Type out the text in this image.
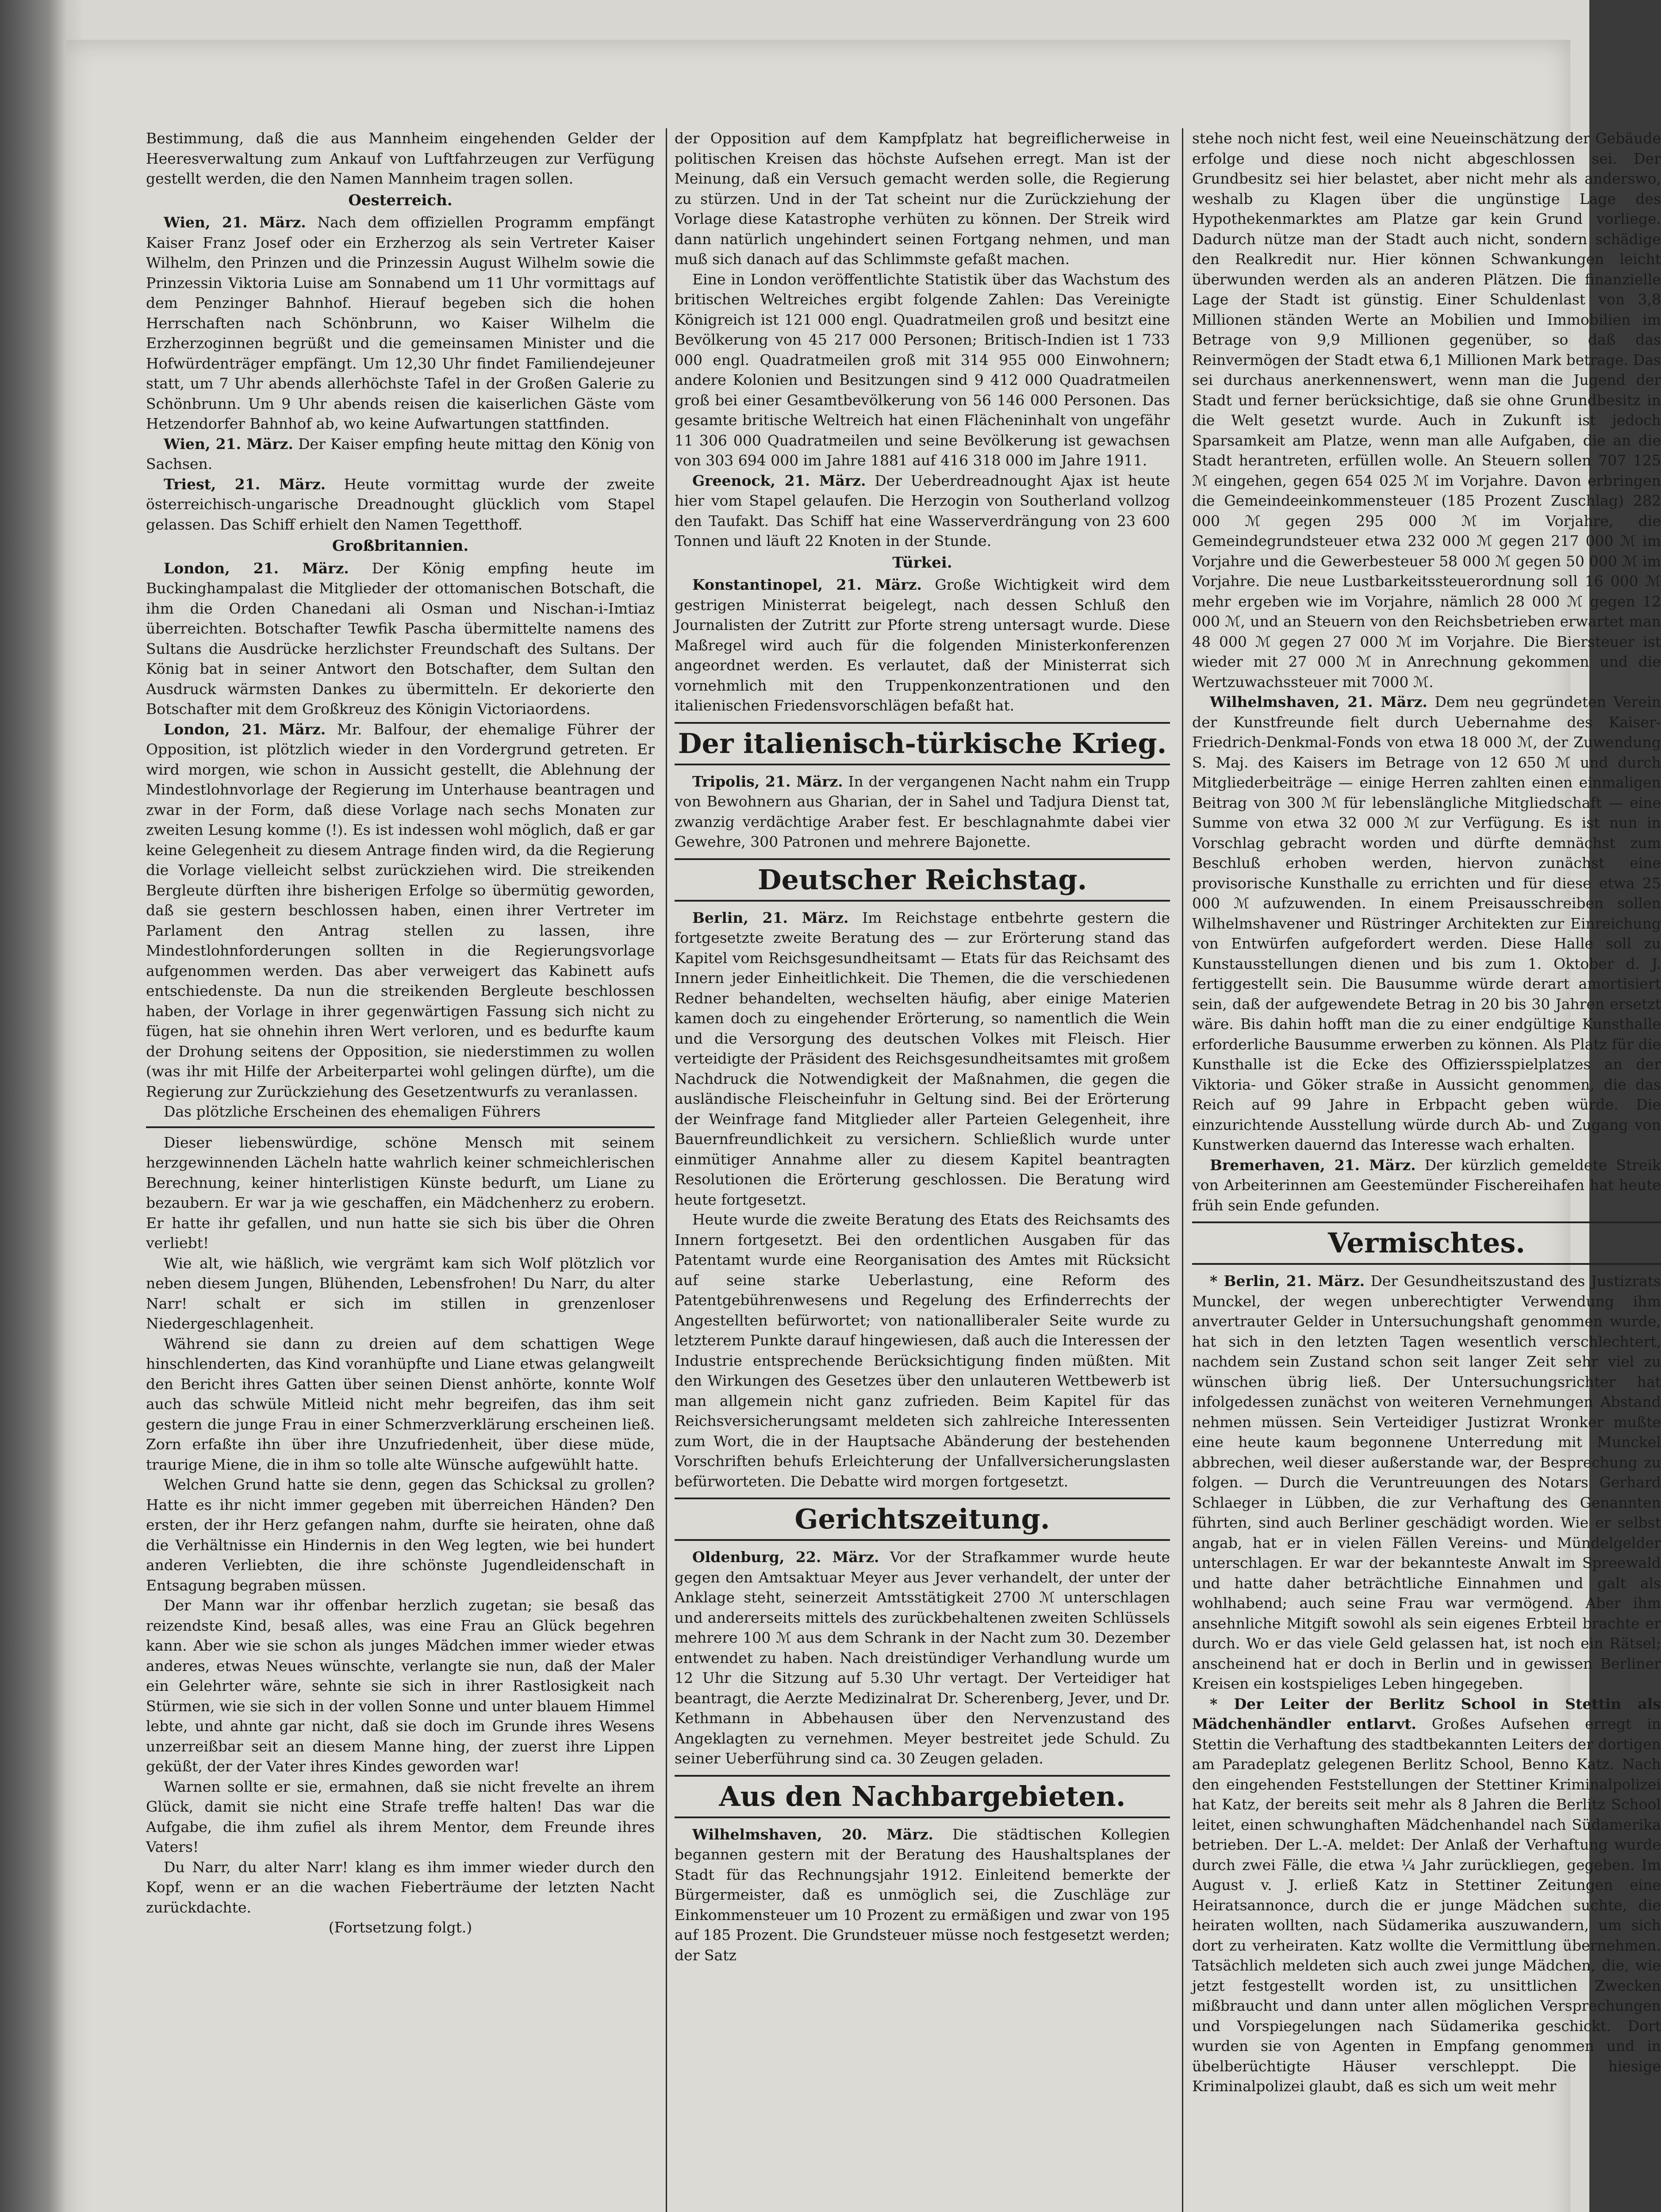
Bestimmung, daß die aus Mannheim eingehenden Gelder der Heeresverwaltung zum Ankauf von Luftfahrzeugen zur Verfügung gestellt werden, die den Namen Mannheim tragen sollen.

Oesterreich.

Wien, 21. März. Nach dem offiziellen Programm empfängt Kaiser Franz Josef oder ein Erzherzog als sein Vertreter Kaiser Wilhelm, den Prinzen und die Prinzessin August Wilhelm sowie die Prinzessin Viktoria Luise am Sonnabend um 11 Uhr vormittags auf dem Penzinger Bahnhof. Hierauf begeben sich die hohen Herrschaften nach Schönbrunn, wo Kaiser Wilhelm die Erzherzoginnen begrüßt und die gemeinsamen Minister und die Hofwürdenträger empfängt. Um 12,30 Uhr findet Familiendejeuner statt, um 7 Uhr abends allerhöchste Tafel in der Großen Galerie zu Schönbrunn. Um 9 Uhr abends reisen die kaiserlichen Gäste vom Hetzendorfer Bahnhof ab, wo keine Aufwartungen stattfinden.

Wien, 21. März. Der Kaiser empfing heute mittag den König von Sachsen.

Triest, 21. März. Heute vormittag wurde der zweite österreichisch-ungarische Dreadnought glücklich vom Stapel gelassen. Das Schiff erhielt den Namen Tegetthoff.

Großbritannien.

London, 21. März. Der König empfing heute im Buckinghampalast die Mitglieder der ottomanischen Botschaft, die ihm die Orden Chanedani ali Osman und Nischan-i-Imtiaz überreichten. Botschafter Tewfik Pascha übermittelte namens des Sultans die Ausdrücke herzlichster Freundschaft des Sultans. Der König bat in seiner Antwort den Botschafter, dem Sultan den Ausdruck wärmsten Dankes zu übermitteln. Er dekorierte den Botschafter mit dem Großkreuz des Königin Victoriaordens.

London, 21. März. Mr. Balfour, der ehemalige Führer der Opposition, ist plötzlich wieder in den Vordergrund getreten. Er wird morgen, wie schon in Aussicht gestellt, die Ablehnung der Mindestlohnvorlage der Regierung im Unterhause beantragen und zwar in der Form, daß diese Vorlage nach sechs Monaten zur zweiten Lesung komme (!). Es ist indessen wohl möglich, daß er gar keine Gelegenheit zu diesem Antrage finden wird, da die Regierung die Vorlage vielleicht selbst zurückziehen wird. Die streikenden Bergleute dürften ihre bisherigen Erfolge so übermütig geworden, daß sie gestern beschlossen haben, einen ihrer Vertreter im Parlament den Antrag stellen zu lassen, ihre Mindestlohnforderungen sollten in die Regierungsvorlage aufgenommen werden. Das aber verweigert das Kabinett aufs entschiedenste. Da nun die streikenden Bergleute beschlossen haben, der Vorlage in ihrer gegenwärtigen Fassung sich nicht zu fügen, hat sie ohnehin ihren Wert verloren, und es bedurfte kaum der Drohung seitens der Opposition, sie niederstimmen zu wollen (was ihr mit Hilfe der Arbeiterpartei wohl gelingen dürfte), um die Regierung zur Zurückziehung des Gesetzentwurfs zu veranlassen.

Das plötzliche Erscheinen des ehemaligen Führers

Dieser liebenswürdige, schöne Mensch mit seinem herzgewinnenden Lächeln hatte wahrlich keiner schmeichlerischen Berechnung, keiner hinterlistigen Künste bedurft, um Liane zu bezaubern. Er war ja wie geschaffen, ein Mädchenherz zu erobern. Er hatte ihr gefallen, und nun hatte sie sich bis über die Ohren verliebt!

Wie alt, wie häßlich, wie vergrämt kam sich Wolf plötzlich vor neben diesem Jungen, Blühenden, Lebensfrohen! Du Narr, du alter Narr! schalt er sich im stillen in grenzenloser Niedergeschlagenheit.

Während sie dann zu dreien auf dem schattigen Wege hinschlenderten, das Kind voranhüpfte und Liane etwas gelangweilt den Bericht ihres Gatten über seinen Dienst anhörte, konnte Wolf auch das schwüle Mitleid nicht mehr begreifen, das ihm seit gestern die junge Frau in einer Schmerzverklärung erscheinen ließ. Zorn erfaßte ihn über ihre Unzufriedenheit, über diese müde, traurige Miene, die in ihm so tolle alte Wünsche aufgewühlt hatte.

Welchen Grund hatte sie denn, gegen das Schicksal zu grollen? Hatte es ihr nicht immer gegeben mit überreichen Händen? Den ersten, der ihr Herz gefangen nahm, durfte sie heiraten, ohne daß die Verhältnisse ein Hindernis in den Weg legten, wie bei hundert anderen Verliebten, die ihre schönste Jugendleidenschaft in Entsagung begraben müssen.

Der Mann war ihr offenbar herzlich zugetan; sie besaß das reizendste Kind, besaß alles, was eine Frau an Glück begehren kann. Aber wie sie schon als junges Mädchen immer wieder etwas anderes, etwas Neues wünschte, verlangte sie nun, daß der Maler ein Gelehrter wäre, sehnte sie sich in ihrer Rastlosigkeit nach Stürmen, wie sie sich in der vollen Sonne und unter blauem Himmel lebte, und ahnte gar nicht, daß sie doch im Grunde ihres Wesens unzerreißbar seit an diesem Manne hing, der zuerst ihre Lippen geküßt, der der Vater ihres Kindes geworden war!

Warnen sollte er sie, ermahnen, daß sie nicht frevelte an ihrem Glück, damit sie nicht eine Strafe treffe halten! Das war die Aufgabe, die ihm zufiel als ihrem Mentor, dem Freunde ihres Vaters!

Du Narr, du alter Narr! klang es ihm immer wieder durch den Kopf, wenn er an die wachen Fieberträume der letzten Nacht zurückdachte.

(Fortsetzung folgt.)

der Opposition auf dem Kampfplatz hat begreiflicherweise in politischen Kreisen das höchste Aufsehen erregt. Man ist der Meinung, daß ein Versuch gemacht werden solle, die Regierung zu stürzen. Und in der Tat scheint nur die Zurückziehung der Vorlage diese Katastrophe verhüten zu können. Der Streik wird dann natürlich ungehindert seinen Fortgang nehmen, und man muß sich danach auf das Schlimmste gefaßt machen.

Eine in London veröffentlichte Statistik über das Wachstum des britischen Weltreiches ergibt folgende Zahlen: Das Vereinigte Königreich ist 121 000 engl. Quadratmeilen groß und besitzt eine Bevölkerung von 45 217 000 Personen; Britisch-Indien ist 1 733 000 engl. Quadratmeilen groß mit 314 955 000 Einwohnern; andere Kolonien und Besitzungen sind 9 412 000 Quadratmeilen groß bei einer Gesamtbevölkerung von 56 146 000 Personen. Das gesamte britische Weltreich hat einen Flächeninhalt von ungefähr 11 306 000 Quadratmeilen und seine Bevölkerung ist gewachsen von 303 694 000 im Jahre 1881 auf 416 318 000 im Jahre 1911.

Greenock, 21. März. Der Ueberdreadnought Ajax ist heute hier vom Stapel gelaufen. Die Herzogin von Southerland vollzog den Taufakt. Das Schiff hat eine Wasserverdrängung von 23 600 Tonnen und läuft 22 Knoten in der Stunde.

Türkei.

Konstantinopel, 21. März. Große Wichtigkeit wird dem gestrigen Ministerrat beigelegt, nach dessen Schluß den Journalisten der Zutritt zur Pforte streng untersagt wurde. Diese Maßregel wird auch für die folgenden Ministerkonferenzen angeordnet werden. Es verlautet, daß der Ministerrat sich vornehmlich mit den Truppenkonzentrationen und den italienischen Friedensvorschlägen befaßt hat.

Der italienisch-türkische Krieg.

Tripolis, 21. März. In der vergangenen Nacht nahm ein Trupp von Bewohnern aus Gharian, der in Sahel und Tadjura Dienst tat, zwanzig verdächtige Araber fest. Er beschlagnahmte dabei vier Gewehre, 300 Patronen und mehrere Bajonette.

Deutscher Reichstag.

Berlin, 21. März. Im Reichstage entbehrte gestern die fortgesetzte zweite Beratung des — zur Erörterung stand das Kapitel vom Reichsgesundheitsamt — Etats für das Reichsamt des Innern jeder Einheitlichkeit. Die Themen, die die verschiedenen Redner behandelten, wechselten häufig, aber einige Materien kamen doch zu eingehender Erörterung, so namentlich die Wein und die Versorgung des deutschen Volkes mit Fleisch. Hier verteidigte der Präsident des Reichsgesundheitsamtes mit großem Nachdruck die Notwendigkeit der Maßnahmen, die gegen die ausländische Fleischeinfuhr in Geltung sind. Bei der Erörterung der Weinfrage fand Mitglieder aller Parteien Gelegenheit, ihre Bauernfreundlichkeit zu versichern. Schließlich wurde unter einmütiger Annahme aller zu diesem Kapitel beantragten Resolutionen die Erörterung geschlossen. Die Beratung wird heute fortgesetzt.

Heute wurde die zweite Beratung des Etats des Reichsamts des Innern fortgesetzt. Bei den ordentlichen Ausgaben für das Patentamt wurde eine Reorganisation des Amtes mit Rücksicht auf seine starke Ueberlastung, eine Reform des Patentgebührenwesens und Regelung des Erfinderrechts der Angestellten befürwortet; von nationalliberaler Seite wurde zu letzterem Punkte darauf hingewiesen, daß auch die Interessen der Industrie entsprechende Berücksichtigung finden müßten. Mit den Wirkungen des Gesetzes über den unlauteren Wettbewerb ist man allgemein nicht ganz zufrieden. Beim Kapitel für das Reichsversicherungsamt meldeten sich zahlreiche Interessenten zum Wort, die in der Hauptsache Abänderung der bestehenden Vorschriften behufs Erleichterung der Unfallversicherungslasten befürworteten. Die Debatte wird morgen fortgesetzt.

Gerichtszeitung.

Oldenburg, 22. März. Vor der Strafkammer wurde heute gegen den Amtsaktuar Meyer aus Jever verhandelt, der unter der Anklage steht, seinerzeit Amtsstätigkeit 2700 ℳ unterschlagen und andererseits mittels des zurückbehaltenen zweiten Schlüssels mehrere 100 ℳ aus dem Schrank in der Nacht zum 30. Dezember entwendet zu haben. Nach dreistündiger Verhandlung wurde um 12 Uhr die Sitzung auf 5.30 Uhr vertagt. Der Verteidiger hat beantragt, die Aerzte Medizinalrat Dr. Scherenberg, Jever, und Dr. Kethmann in Abbehausen über den Nervenzustand des Angeklagten zu vernehmen. Meyer bestreitet jede Schuld. Zu seiner Ueberführung sind ca. 30 Zeugen geladen.

Aus den Nachbargebieten.

Wilhelmshaven, 20. März. Die städtischen Kollegien begannen gestern mit der Beratung des Haushaltsplanes der Stadt für das Rechnungsjahr 1912. Einleitend bemerkte der Bürgermeister, daß es unmöglich sei, die Zuschläge zur Einkommensteuer um 10 Prozent zu ermäßigen und zwar von 195 auf 185 Prozent. Die Grundsteuer müsse noch festgesetzt werden; der Satz

stehe noch nicht fest, weil eine Neueinschätzung der Gebäude erfolge und diese noch nicht abgeschlossen sei. Der Grundbesitz sei hier belastet, aber nicht mehr als anderswo, weshalb zu Klagen über die ungünstige Lage des Hypothekenmarktes am Platze gar kein Grund vorliege. Dadurch nütze man der Stadt auch nicht, sondern schädige den Realkredit nur. Hier können Schwankungen leicht überwunden werden als an anderen Plätzen. Die finanzielle Lage der Stadt ist günstig. Einer Schuldenlast von 3,8 Millionen ständen Werte an Mobilien und Immobilien im Betrage von 9,9 Millionen gegenüber, so daß das Reinvermögen der Stadt etwa 6,1 Millionen Mark betrage. Das sei durchaus anerkennenswert, wenn man die Jugend der Stadt und ferner berücksichtige, daß sie ohne Grundbesitz in die Welt gesetzt wurde. Auch in Zukunft ist jedoch Sparsamkeit am Platze, wenn man alle Aufgaben, die an die Stadt herantreten, erfüllen wolle. An Steuern sollen 707 125 ℳ eingehen, gegen 654 025 ℳ im Vorjahre. Davon erbringen die Gemeindeeinkommensteuer (185 Prozent Zuschlag) 282 000 ℳ gegen 295 000 ℳ im Vorjahre, die Gemeindegrundsteuer etwa 232 000 ℳ gegen 217 000 ℳ im Vorjahre und die Gewerbesteuer 58 000 ℳ gegen 50 000 ℳ im Vorjahre. Die neue Lustbarkeitssteuerordnung soll 16 000 ℳ mehr ergeben wie im Vorjahre, nämlich 28 000 ℳ gegen 12 000 ℳ, und an Steuern von den Reichsbetrieben erwartet man 48 000 ℳ gegen 27 000 ℳ im Vorjahre. Die Biersteuer ist wieder mit 27 000 ℳ in Anrechnung gekommen und die Wertzuwachssteuer mit 7000 ℳ.

Wilhelmshaven, 21. März. Dem neu gegründeten Verein der Kunstfreunde fielt durch Uebernahme des Kaiser-Friedrich-Denkmal-Fonds von etwa 18 000 ℳ, der Zuwendung S. Maj. des Kaisers im Betrage von 12 650 ℳ und durch Mitgliederbeiträge — einige Herren zahlten einen einmaligen Beitrag von 300 ℳ für lebenslängliche Mitgliedschaft — eine Summe von etwa 32 000 ℳ zur Verfügung. Es ist nun in Vorschlag gebracht worden und dürfte demnächst zum Beschluß erhoben werden, hiervon zunächst eine provisorische Kunsthalle zu errichten und für diese etwa 25 000 ℳ aufzuwenden. In einem Preisausschreiben sollen Wilhelmshavener und Rüstringer Architekten zur Einreichung von Entwürfen aufgefordert werden. Diese Halle soll zu Kunstausstellungen dienen und bis zum 1. Oktober d. J. fertiggestellt sein. Die Bausumme würde derart amortisiert sein, daß der aufgewendete Betrag in 20 bis 30 Jahren ersetzt wäre. Bis dahin hofft man die zu einer endgültige Kunsthalle erforderliche Bausumme erwerben zu können. Als Platz für die Kunsthalle ist die Ecke des Offiziersspielplatzes an der Viktoria- und Göker straße in Aussicht genommen, die das Reich auf 99 Jahre in Erbpacht geben würde. Die einzurichtende Ausstellung würde durch Ab- und Zugang von Kunstwerken dauernd das Interesse wach erhalten.

Bremerhaven, 21. März. Der kürzlich gemeldete Streik von Arbeiterinnen am Geestemünder Fischereihafen hat heute früh sein Ende gefunden.

Vermischtes.

* Berlin, 21. März. Der Gesundheitszustand des Justizrats Munckel, der wegen unberechtigter Verwendung ihm anvertrauter Gelder in Untersuchungshaft genommen wurde, hat sich in den letzten Tagen wesentlich verschlechtert, nachdem sein Zustand schon seit langer Zeit sehr viel zu wünschen übrig ließ. Der Untersuchungsrichter hat infolgedessen zunächst von weiteren Vernehmungen Abstand nehmen müssen. Sein Verteidiger Justizrat Wronker mußte eine heute kaum begonnene Unterredung mit Munckel abbrechen, weil dieser außerstande war, der Besprechung zu folgen. — Durch die Veruntreuungen des Notars Gerhard Schlaeger in Lübben, die zur Verhaftung des Genannten führten, sind auch Berliner geschädigt worden. Wie er selbst angab, hat er in vielen Fällen Vereins- und Mündelgelder unterschlagen. Er war der bekannteste Anwalt im Spreewald und hatte daher beträchtliche Einnahmen und galt als wohlhabend; auch seine Frau war vermögend. Aber ihm ansehnliche Mitgift sowohl als sein eigenes Erbteil brachte er durch. Wo er das viele Geld gelassen hat, ist noch ein Rätsel; anscheinend hat er doch in Berlin und in gewissen Berliner Kreisen ein kostspieliges Leben hingegeben.

* Der Leiter der Berlitz School in Stettin als Mädchenhändler entlarvt. Großes Aufsehen erregt in Stettin die Verhaftung des stadtbekannten Leiters der dortigen am Paradeplatz gelegenen Berlitz School, Benno Katz. Nach den eingehenden Feststellungen der Stettiner Kriminalpolizei hat Katz, der bereits seit mehr als 8 Jahren die Berlitz School leitet, einen schwunghaften Mädchenhandel nach Südamerika betrieben. Der L.-A. meldet: Der Anlaß der Verhaftung wurde durch zwei Fälle, die etwa ¼ Jahr zurückliegen, gegeben. Im August v. J. erließ Katz in Stettiner Zeitungen eine Heiratsannonce, durch die er junge Mädchen suchte, die heiraten wollten, nach Südamerika auszuwandern, um sich dort zu verheiraten. Katz wollte die Vermittlung übernehmen. Tatsächlich meldeten sich auch zwei junge Mädchen, die, wie jetzt festgestellt worden ist, zu unsittlichen Zwecken mißbraucht und dann unter allen möglichen Versprechungen und Vorspiegelungen nach Südamerika geschickt. Dort wurden sie von Agenten in Empfang genommen und in übelberüchtigte Häuser verschleppt. Die hiesige Kriminalpolizei glaubt, daß es sich um weit mehr
